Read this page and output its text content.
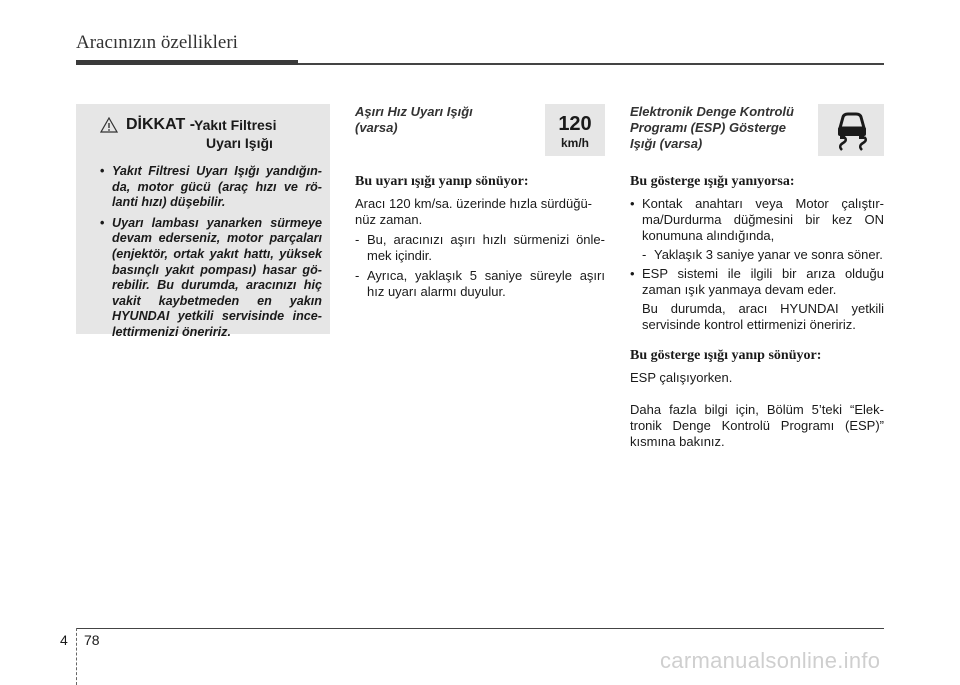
Aracınızın özellikleri
DİKKAT -
Yakıt Filtresi
Uyarı Işığı
• Yakıt Filtresi Uyarı Işığı yandığın- da, motor gücü (araç hızı ve rö- lanti hızı) düşebilir.
• Uyarı lambası yanarken sürmeye devam ederseniz, motor parçaları (enjektör, ortak yakıt hattı, yüksek basınçlı yakıt pompası) hasar gö- rebilir. Bu durumda, aracınızı hiç vakit kaybetmeden en yakın HYUNDAI yetkili servisinde ince- lettirmenizi öneririz.
Aşırı Hız Uyarı Işığı
(varsa)
Bu uyarı ışığı yanıp sönüyor:
Aracı 120 km/sa. üzerinde hızla sürdüğü- nüz zaman.
- Bu, aracınızı aşırı hızlı sürmenizi önle- mek içindir.
- Ayrıca, yaklaşık 5 saniye süreyle aşırı hız uyarı alarmı duyulur.
120
km/h
Elektronik Denge Kontrolü
Programı (ESP) Gösterge
Işığı (varsa)
Bu gösterge ışığı yanıyorsa:
• Kontak anahtarı veya Motor çalıştır- ma/Durdurma düğmesini bir kez ON konumuna alındığında,
- Yaklaşık 3 saniye yanar ve sonra söner.
• ESP sistemi ile ilgili bir arıza olduğu zaman ışık yanmaya devam eder.
Bu durumda, aracı HYUNDAI yetkili servisinde kontrol ettirmenizi öneririz.
Bu gösterge ışığı yanıp sönüyor:
ESP çalışıyorken.
Daha fazla bilgi için, Bölüm 5’teki “Elek- tronik Denge Kontrolü Programı (ESP)” kısmına bakınız.
4 78
carmanualsonline.info
